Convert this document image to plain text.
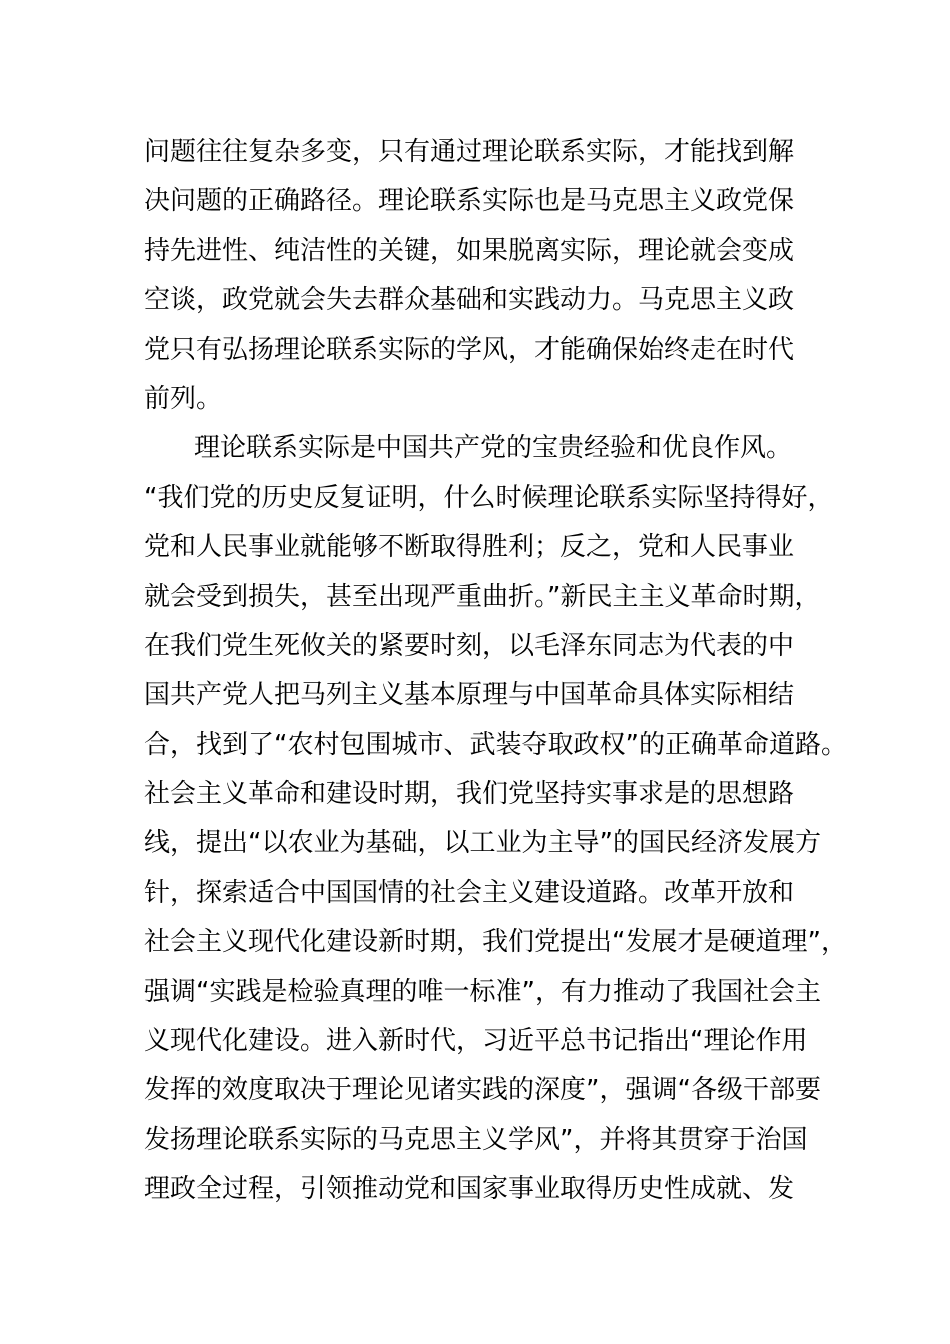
问题往往复杂多变，只有通过理论联系实际，才能找到解
决问题的正确路径。理论联系实际也是马克思主义政党保
持先进性、纯洁性的关键，如果脱离实际，理论就会变成
空谈，政党就会失去群众基础和实践动力。马克思主义政
党只有弘扬理论联系实际的学风，才能确保始终走在时代
前列。
理论联系实际是中国共产党的宝贵经验和优良作风。
“我们党的历史反复证明，什么时候理论联系实际坚持得好，
党和人民事业就能够不断取得胜利；反之，党和人民事业
就会受到损失，甚至出现严重曲折。”新民主主义革命时期，
在我们党生死攸关的紧要时刻，以毛泽东同志为代表的中
国共产党人把马列主义基本原理与中国革命具体实际相结
合，找到了“农村包围城市、武装夺取政权”的正确革命道路。
社会主义革命和建设时期，我们党坚持实事求是的思想路
线，提出“以农业为基础，以工业为主导”的国民经济发展方
针，探索适合中国国情的社会主义建设道路。改革开放和
社会主义现代化建设新时期，我们党提出“发展才是硬道理”，
强调“实践是检验真理的唯一标准”，有力推动了我国社会主
义现代化建设。进入新时代，习近平总书记指出“理论作用
发挥的效度取决于理论见诸实践的深度”，强调“各级干部要
发扬理论联系实际的马克思主义学风”，并将其贯穿于治国
理政全过程，引领推动党和国家事业取得历史性成就、发
